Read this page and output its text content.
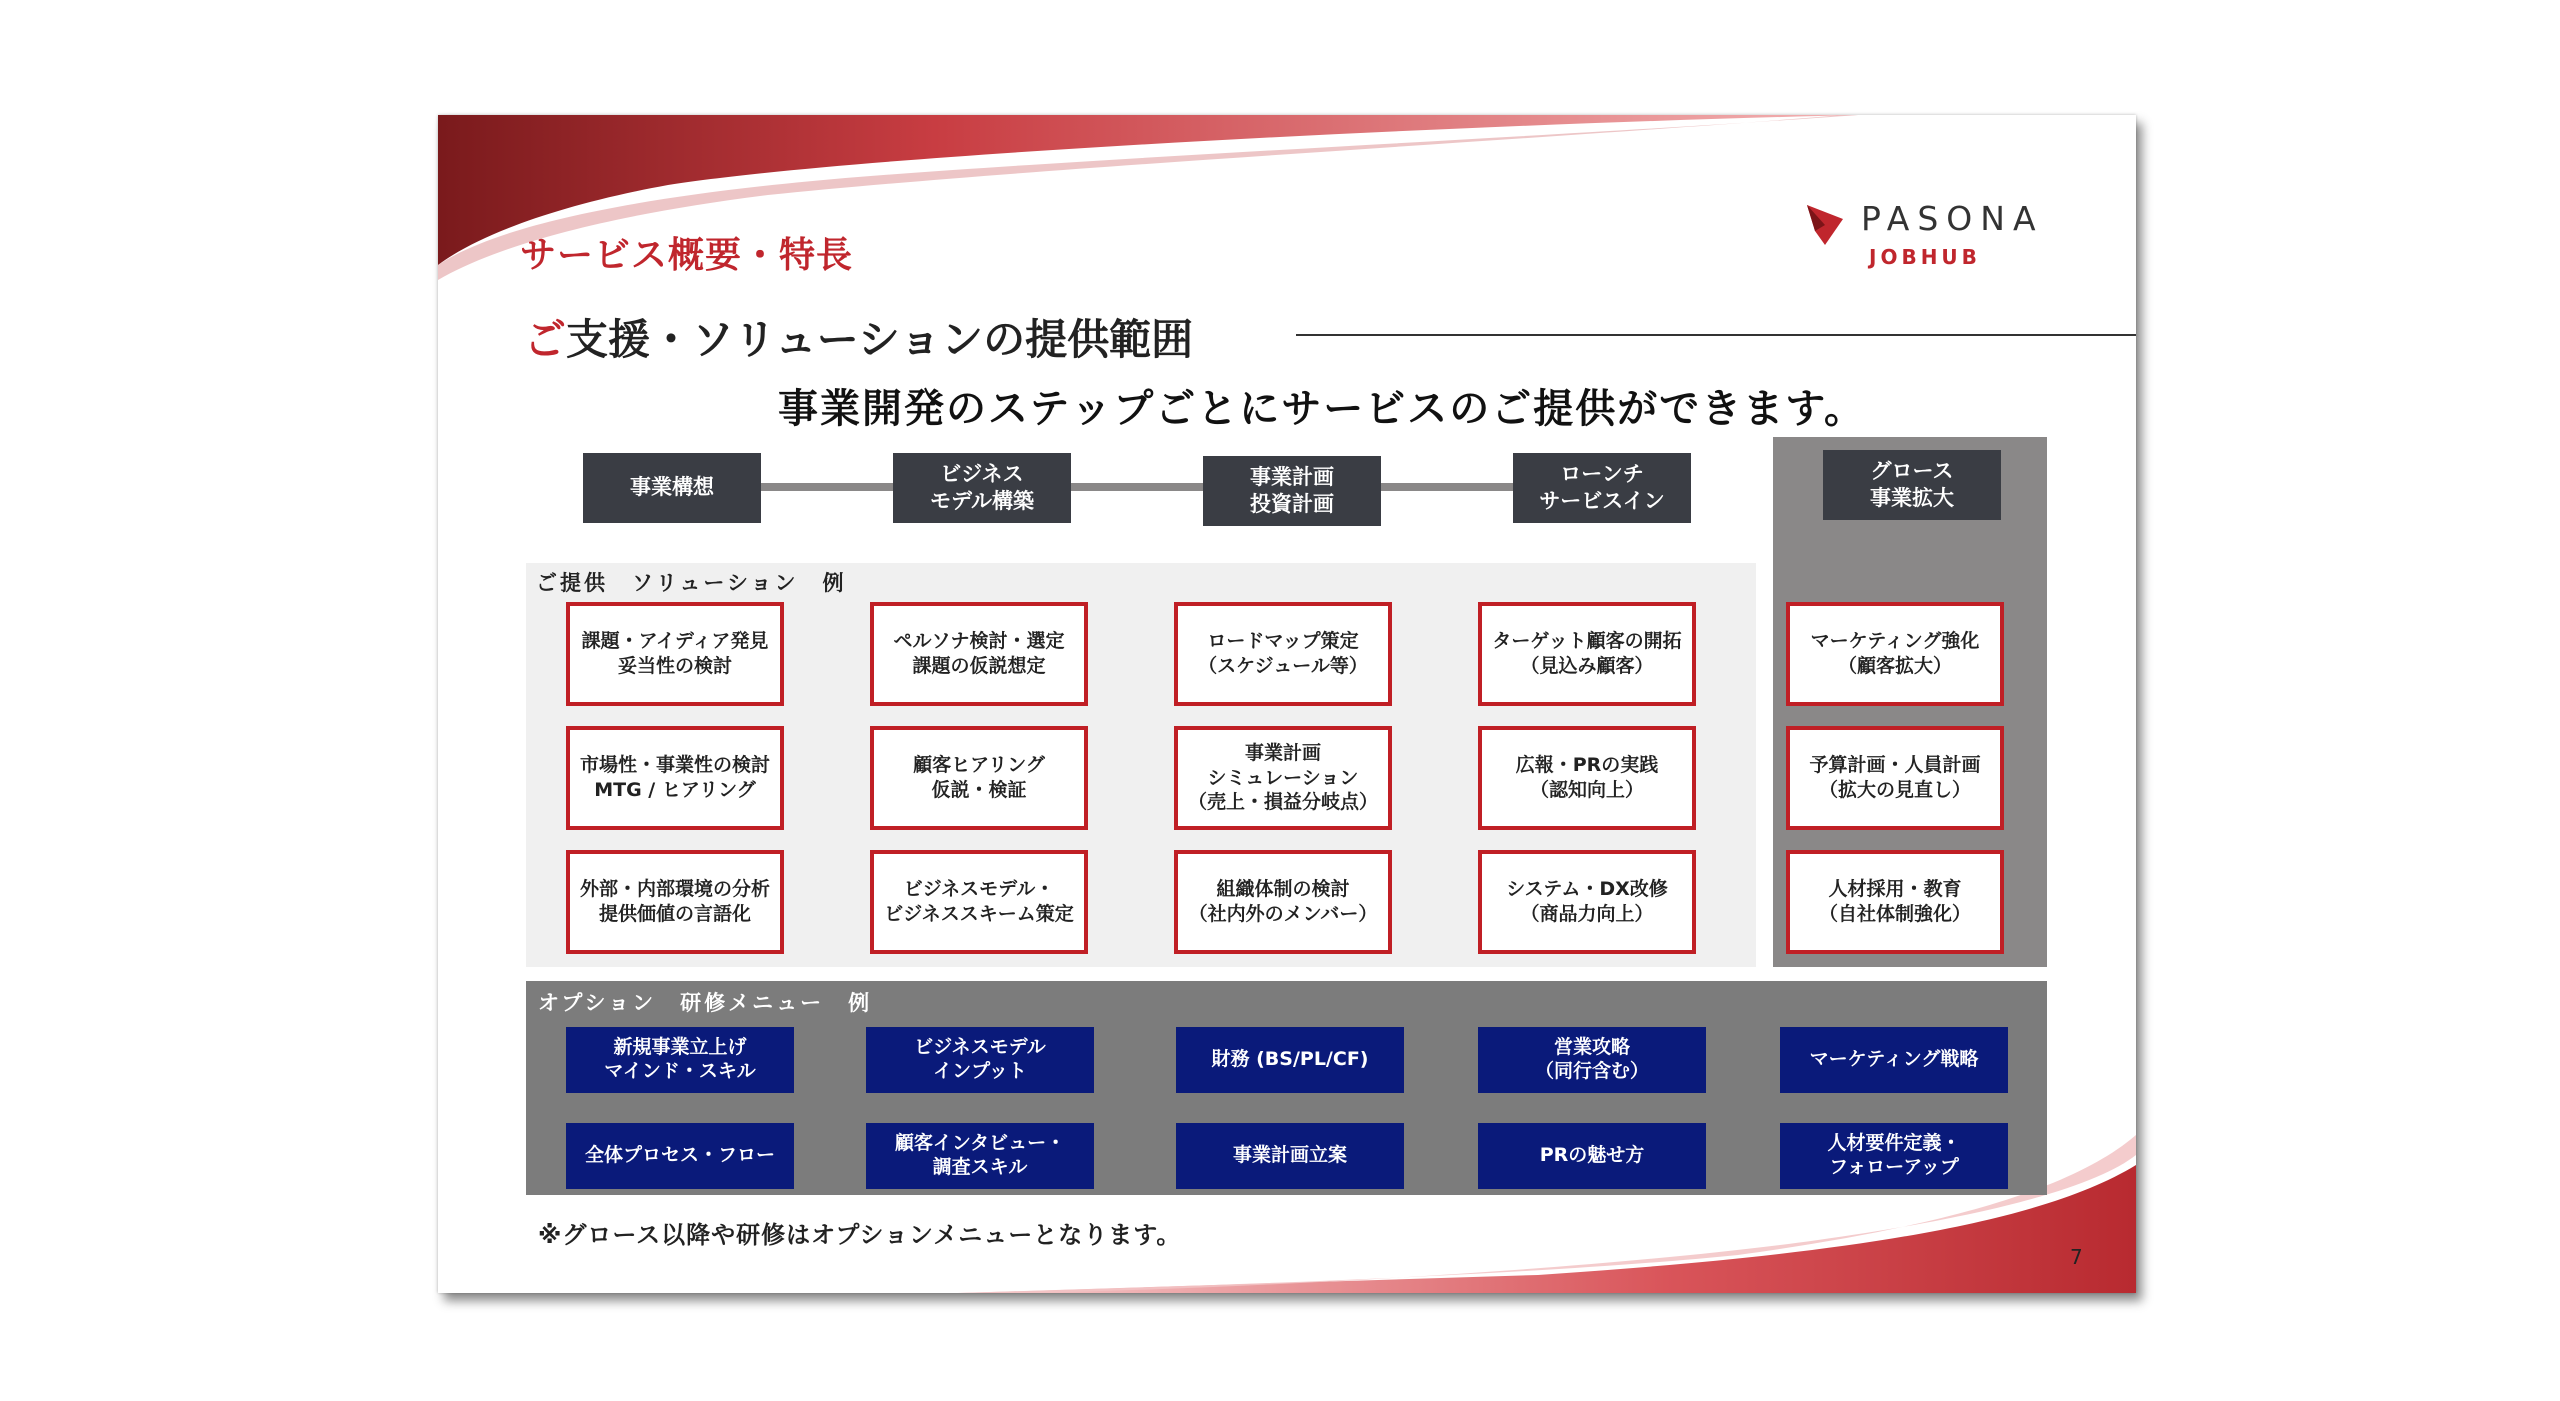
サービス概要・特長
PASONA
JOBHUB
ご支援・ソリューションの提供範囲
事業開発のステップごとにサービスのご提供ができます。
ご提供　ソリューション　例
事業構想
ビジネス
モデル構築
事業計画
投資計画
ローンチ
サービスイン
グロース
事業拡大
課題・アイディア発見
妥当性の検討
市場性・事業性の検討
MTG / ヒアリング
外部・内部環境の分析
提供価値の言語化
ペルソナ検討・選定
課題の仮説想定
顧客ヒアリング
仮説・検証
ビジネスモデル・
ビジネススキーム策定
ロードマップ策定
（スケジュール等）
事業計画
シミュレーション
（売上・損益分岐点）
組織体制の検討
（社内外のメンバー）
ターゲット顧客の開拓
（見込み顧客）
広報・PRの実践
（認知向上）
システム・DX改修
（商品力向上）
マーケティング強化
（顧客拡大）
予算計画・人員計画
（拡大の見直し）
人材採用・教育
（自社体制強化）
オプション　研修メニュー　例
新規事業立上げ
マインド・スキル
ビジネスモデル
インプット
財務 (BS/PL/CF)
営業攻略
（同行含む）
マーケティング戦略
全体プロセス・フロー
顧客インタビュー・
調査スキル
事業計画立案	PRの魅せ方
人材要件定義・
フォローアップ
※グロース以降や研修はオプションメニューとなります。
7
